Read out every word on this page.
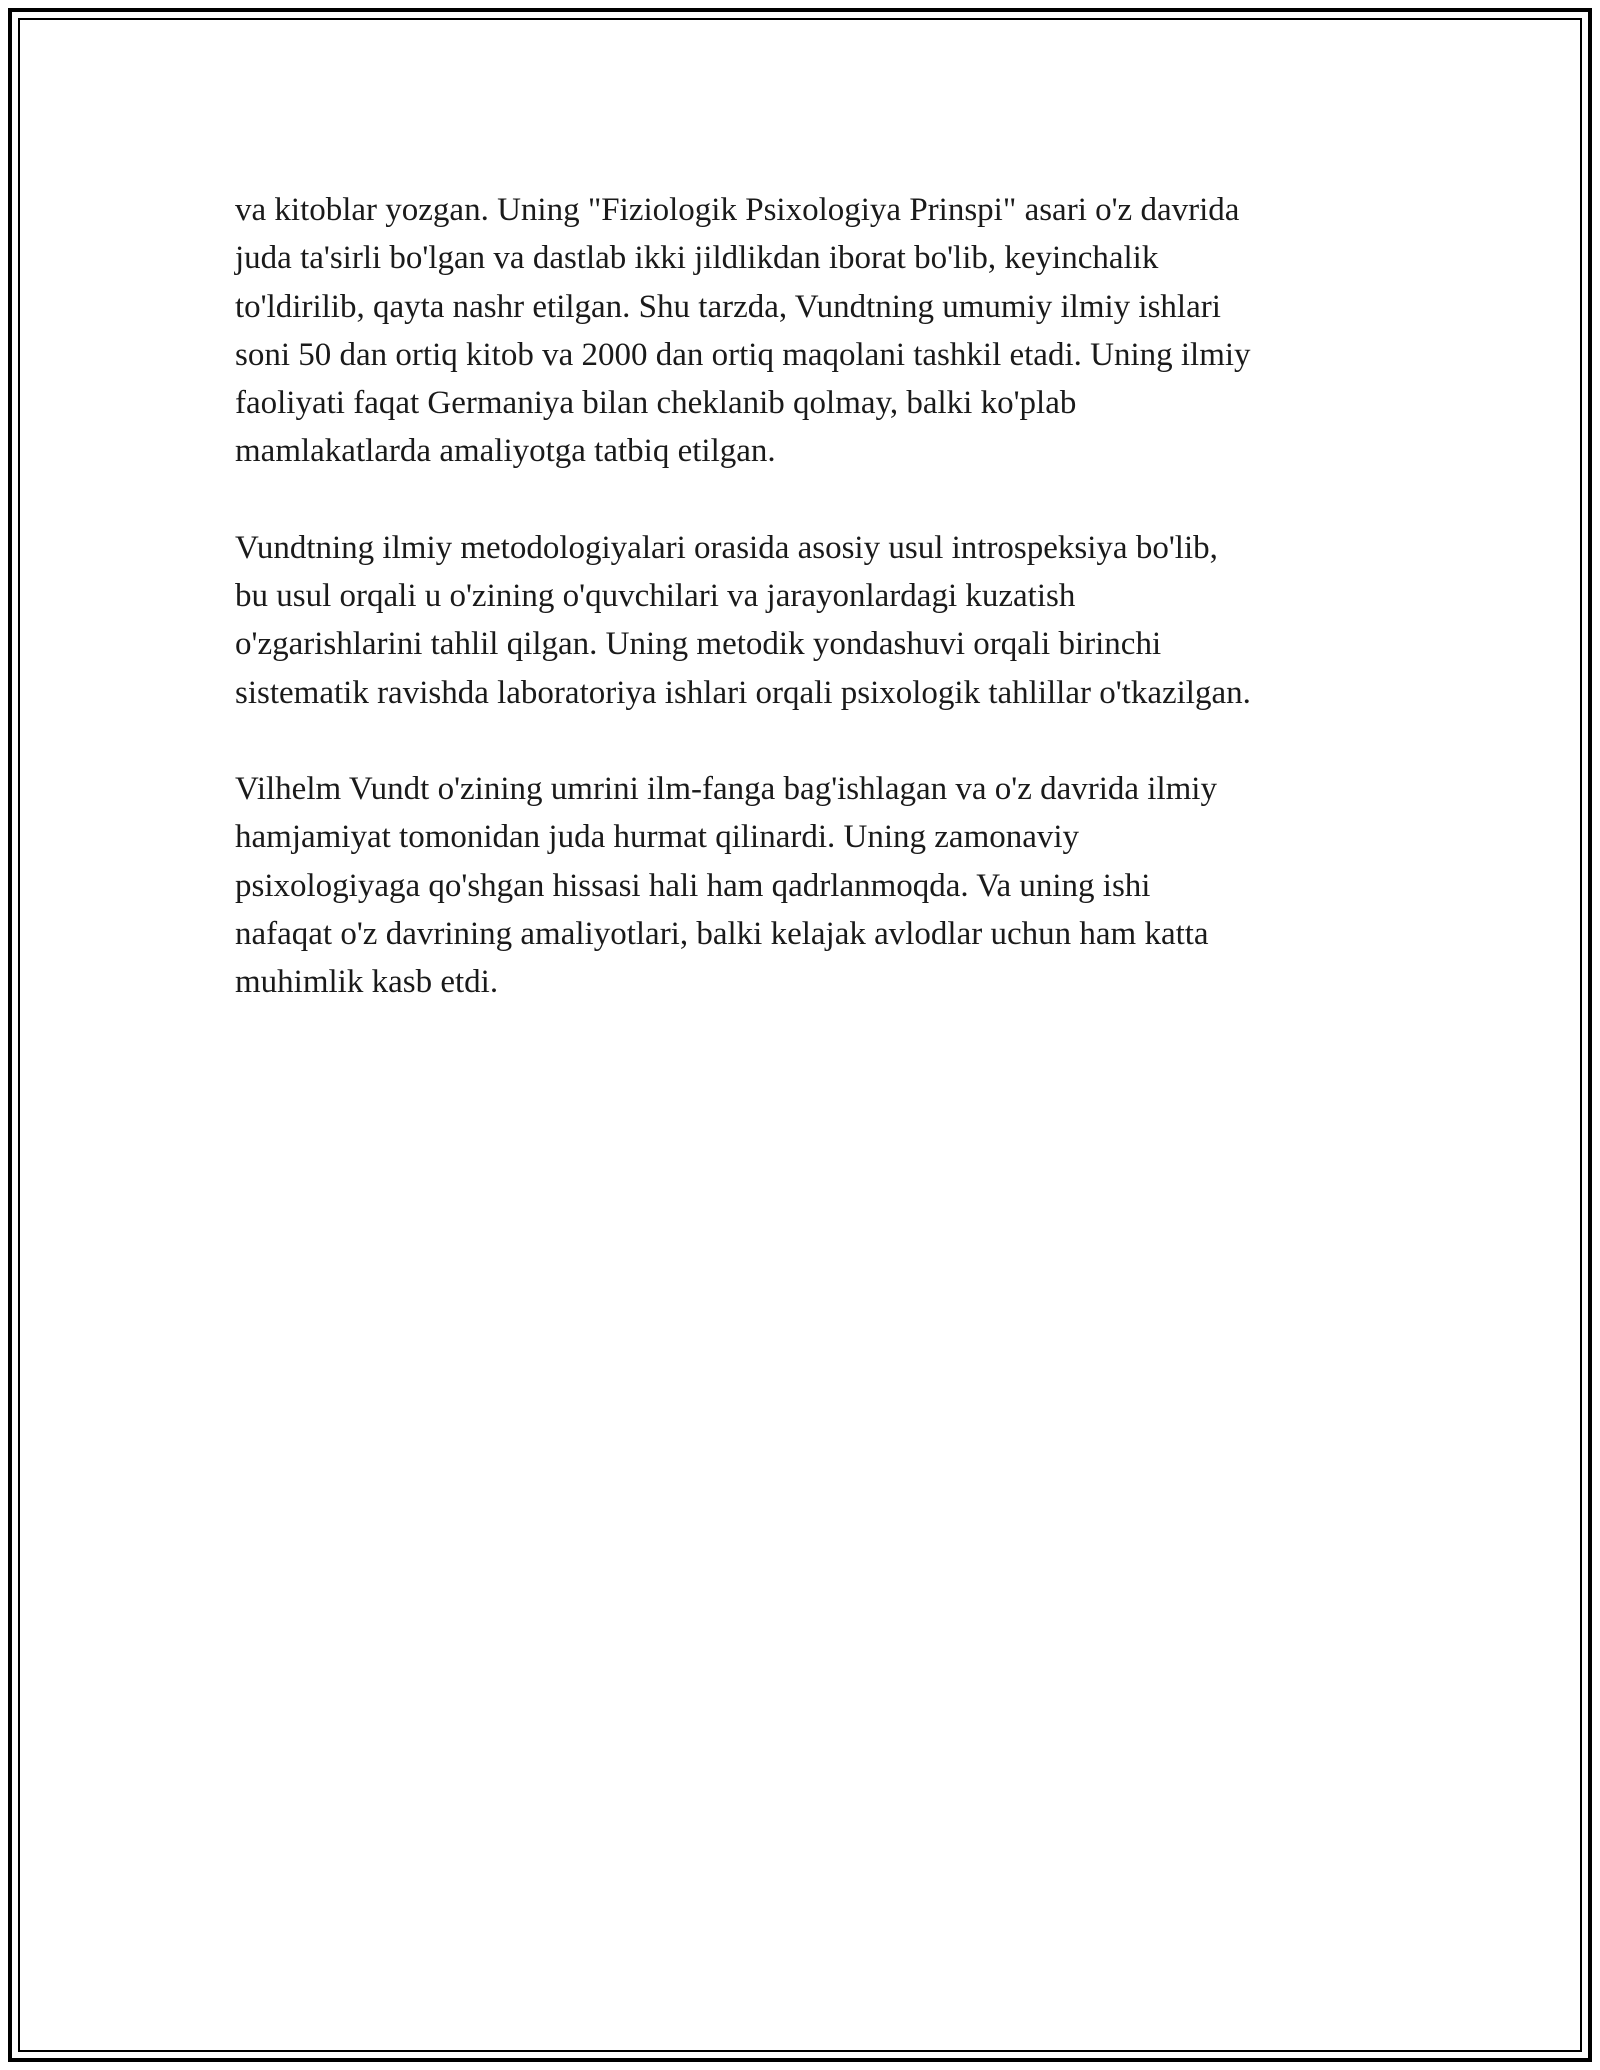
va kitoblar yozgan. Uning "Fiziologik Psixologiya Prinspi" asari o'z davrida
juda ta'sirli bo'lgan va dastlab ikki jildlikdan iborat bo'lib, keyinchalik
to'ldirilib, qayta nashr etilgan. Shu tarzda, Vundtning umumiy ilmiy ishlari
soni 50 dan ortiq kitob va 2000 dan ortiq maqolani tashkil etadi. Uning ilmiy
faoliyati faqat Germaniya bilan cheklanib qolmay, balki ko'plab
mamlakatlarda amaliyotga tatbiq etilgan.

Vundtning ilmiy metodologiyalari orasida asosiy usul introspeksiya bo'lib,
bu usul orqali u o'zining o'quvchilari va jarayonlardagi kuzatish
o'zgarishlarini tahlil qilgan. Uning metodik yondashuvi orqali birinchi
sistematik ravishda laboratoriya ishlari orqali psixologik tahlillar o'tkazilgan.

Vilhelm Vundt o'zining umrini ilm-fanga bag'ishlagan va o'z davrida ilmiy
hamjamiyat tomonidan juda hurmat qilinardi. Uning zamonaviy
psixologiyaga qo'shgan hissasi hali ham qadrlanmoqda. Va uning ishi
nafaqat o'z davrining amaliyotlari, balki kelajak avlodlar uchun ham katta
muhimlik kasb etdi.
